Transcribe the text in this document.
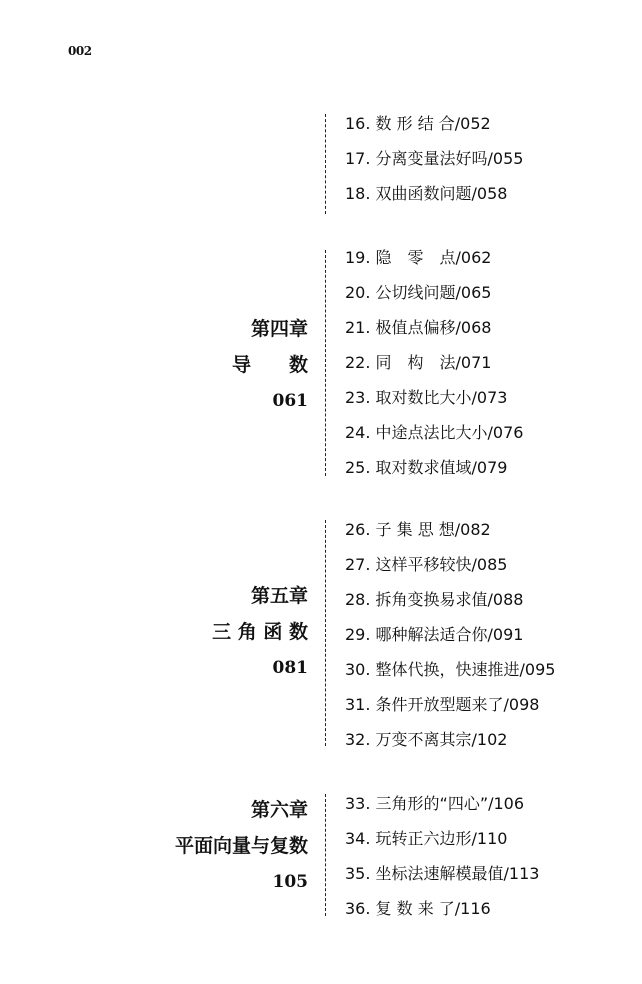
002
16. 数 形 结 合/052
17. 分离变量法好吗/055
18. 双曲函数问题/058
第四章
导　　数
061
19. 隐　零　点/062
20. 公切线问题/065
21. 极值点偏移/068
22. 同　构　法/071
23. 取对数比大小/073
24. 中途点法比大小/076
25. 取对数求值域/079
第五章
三 角 函 数
081
26. 子 集 思 想/082
27. 这样平移较快/085
28. 拆角变换易求值/088
29. 哪种解法适合你/091
30. 整体代换，快速推进/095
31. 条件开放型题来了/098
32. 万变不离其宗/102
第六章
平面向量与复数
105
33. 三角形的“四心”/106
34. 玩转正六边形/110
35. 坐标法速解模最值/113
36. 复 数 来 了/116
